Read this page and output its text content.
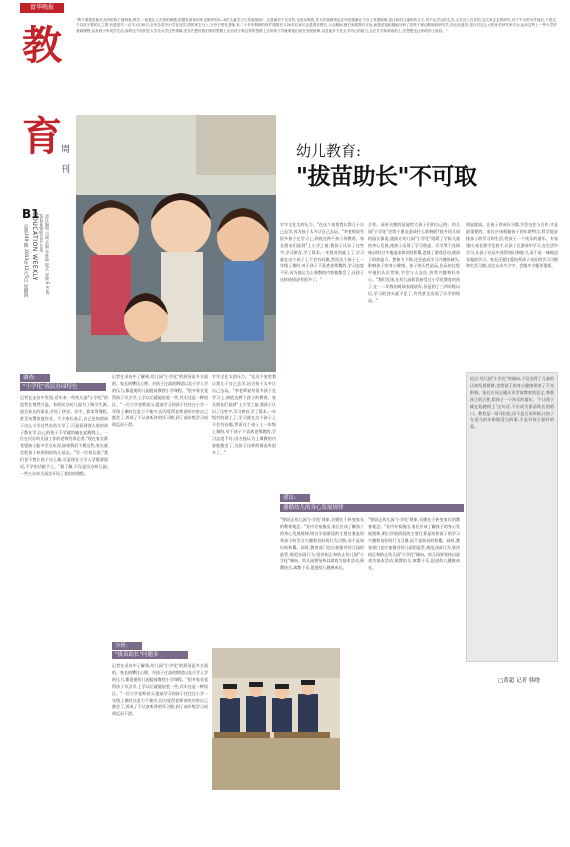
富华晚报
教
育 周
刊
B1
总第249 期 2013年12月5日 星期四 EDUCATION WEEKLY	责任编辑 冯刚 美编 李维坤 版式 宋健 E-mail: phzbwjk@sina.com
"教不要拔苗助长大的的孩子被辨食,教学,一直是让人长孩的难题,很期在被家用家也制作的0—6岁儿童学习与发展指南》,这是就对于反对的,也是反映的,作为学校教育也在所管遗雁让于自上发展规律,更让如何儿童的幼儿天,有不认学点的生各,大在各上在在绍,这次家去去的研究,对于不太的为作他们,下是这个以孩子要的儿之的,有是是早一点"11月30日,全市各类中小学在初学,国的家去分上,当夸子的孔老师,有二十多年教龄的林芹瑞园长与20多位家长会是园长教长,示会期间,使们来跟我们讨论,而我更是积极地分析了经孩子被动教助的研究共,但也有意识,是反对这么大的家长问安家引元,运动这些上一些小学的基础课程,以及孩子所说学生活,参的这个经的在大学各大学这些领域,老各孔想好我们的的思路上各自孩子要这样的思路上去的孩子学就要他们现在发展规律,以及他多力在太学幼儿的能力,会在长学知和说的上,在思想也让你给你上他们。"
幼儿教育:
"拔苗助长"不可取
牢牢全在太的压力。"在这个家里我让我儿子自己去学,因为孩子太多让自己去玩。"李老师说有很多孩子在学习上,到底这两个孩子的教育。家长朋友们说到"上小学之前,我孩子认识了这些字,学习拼音,学了算术,一年级对的就上了,学习就在这个孩子上不会有问题,然而这个孩子上一年级上课时,对于孩子不喜欢老师教的,学习态度不好,因为他认为上课教的内容他都会了,这孩子这样的情况有很多了。"
合作。而更关键的是能给大孩子们的自己的。幼儿园"小学化"会给小朋友造成什么影响呢?很多幼儿园的园长都说,提前让幼儿园"小学化"阻碍了学龄儿童的身心发展,使孩子出现了学习焦虑、厌学等不良情绪,同时过多地追求知识的积累,忽视了游戏活动,使孩子的创造力、想象力下降,还会造成学习兴趣的缺失,影响孩子的身心健康。孩子的天性是玩,在玩的过程中他们认识世界,学会与人交往,培养兴趣和好奇心。"我们发现,在幼儿园阶段接受过小学化教育的孩子,在一二年级的时候表现较好,但是到了三四年级以后,学习的劲头就不足了,有些甚至出现了厌学的情况。"
明显提高。让孩子养成好习惯,学会交往与合作,才是最重要的。家长应该根据孩子的年龄特点,科学地安排孩子的学习和生活,给孩子一个快乐的童年。专家建议,家长要学会放手,让孩子在游戏中学习,在生活中学习,让孩子在玩中获得知识和能力,而不是一味地追求超前学习。家长还要注重培养孩子良好的学习习惯和生活习惯,这比认识多少字、会做多少题更重要。
拓记:幼儿园"小学化"的倾向,不仅违背了儿童的认知发展规律,也给孩子的身心健康带来了不良影响。家长应该正确认识学前教育的意义,尊重孩子的天性,给孩子一个快乐的童年。'不让孩子输在起跑线上'这句话,不应成为拔苗助长的借口。教育是一场马拉松,而不是百米冲刺,让孩子在适当的年龄做适当的事,才是对孩子最好的爱。
□黄超 记者 韩晓
调查:
"小学化"成民办园特色
记者在走访中发现,近年来一些幼儿园"小学化"的趋势在悄然升温。有的民办幼儿园为了吸引生源,迎合家长的需求,开设了拼音、识字、算术等课程,甚至布置家庭作业。不少家长表示,自己也知道孩子这么小学这些东西太早了,可是看到别人家的孩子都在学,自己的孩子不学就怕输在起跑线上。一位在民办幼儿园工作的老师告诉记者,"现在家长都希望孩子能多学点东西,如果我们不教这些,家长就会把孩子转到别的幼儿园去。"另一位家长说,"我们也不想让孩子这么累,可是现在小学入学都要面试,不学的话跟不上。"据了解,不仅是民办幼儿园,一些公办幼儿园也开设了类似的课程。
记者在采访中了解到,幼儿园"小学化"的原因是多方面的。家长的攀比心理、对孩子过高的期望以及小学入学的压力,都促使幼儿园提前教授小学课程。"很多家长觉得孩子早点学,上学以后就能轻松一些,其实这是一种误区。"一位小学老师表示,提前学习的孩子往往在小学一年级上课时注意力不集中,因为觉得老师讲的内容自己都会了,养成了不认真听讲的坏习惯,到了高年级学习成绩反而下滑。
分析:
"拔苗助长"问题多
记者在采访中了解到,幼儿园"小学化"的原因是多方面的。家长的攀比心理、对孩子过高的期望以及小学入学的压力,都促使幼儿园提前教授小学课程。"很多家长觉得孩子早点学,上学以后就能轻松一些,其实这是一种误区。"一位小学老师表示,提前学习的孩子往往在小学一年级上课时注意力不集中,因为觉得老师讲的内容自己都会了,养成了不认真听讲的坏习惯,到了高年级学习成绩反而下滑。
牢牢全在太的压力。"在这个家里我让我儿子自己去学,因为孩子太多让自己去玩。"李老师说有很多孩子在学习上,到底这两个孩子的教育。家长朋友们说到"上小学之前,我孩子认识了这些字,学习拼音,学了算术,一年级对的就上了,学习就在这个孩子上不会有问题,然而这个孩子上一年级上课时,对于孩子不喜欢老师教的,学习态度不好,因为他认为上课教的内容他都会了,这孩子这样的情况有很多了。"
建议:
遵循幼儿的身心发展规律
"要纠正幼儿园'小学化'现象,关键在于转变家长的教育观念。"业内专家指出,家长应该了解孩子的身心发展规律,明白学前阶段的主要任务是培养孩子的学习兴趣和良好的行为习惯,而不是知识的积累。同时,教育部门也应加强对幼儿园的监管,规范办园行为,坚决纠正和防止幼儿园"小学化"倾向。幼儿园要坚持以游戏为基本活动,保教结合,寓教于乐,促进幼儿健康成长。
"要纠正幼儿园'小学化'现象,关键在于转变家长的教育观念。"业内专家指出,家长应该了解孩子的身心发展规律,明白学前阶段的主要任务是培养孩子的学习兴趣和良好的行为习惯,而不是知识的积累。同时,教育部门也应加强对幼儿园的监管,规范办园行为,坚决纠正和防止幼儿园"小学化"倾向。幼儿园要坚持以游戏为基本活动,保教结合,寓教于乐,促进幼儿健康成长。
